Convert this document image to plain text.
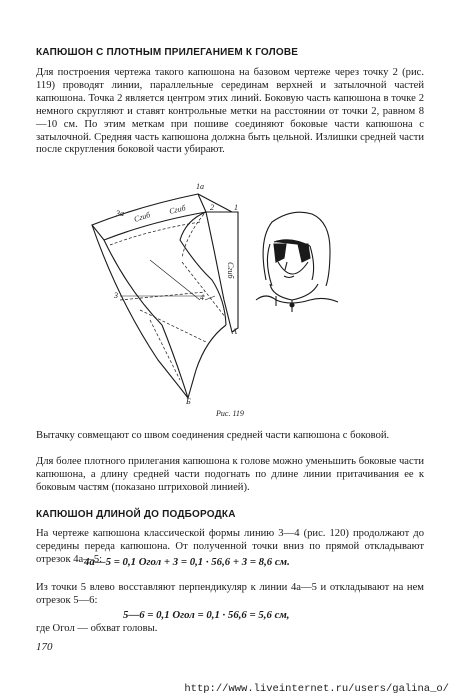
КАПЮШОН С ПЛОТНЫМ ПРИЛЕГАНИЕМ К ГОЛОВЕ
Для построения чертежа такого капюшона на базовом чертеже через точку 2 (рис. 119) проводят линии, параллельные серединам верхней и затылочной частей капюшона. Точка 2 является центром этих линий. Боковую часть капюшона в точке 2 немного скругляют и ставят контрольные метки на расстоянии от точки 2, равном 8—10 см. По этим меткам при пошиве соединяют боковые части капюшона с затылочной. Средняя часть капюшона должна быть цельной. Излишки средней части после скругления боковой части убирают.
1а
3а
2	1
3	4
А
Б
Сгиб
Сгиб
Сгиб
Рис. 119
Вытачку совмещают со швом соединения средней части капюшона с боковой.
Для более плотного прилегания капюшона к голове можно уменьшить боковые части капюшона, а длину средней части подогнать по длине линии притачивания ее к боковым частям (показано штриховой линией).
КАПЮШОН ДЛИНОЙ ДО ПОДБОРОДКА
На чертеже капюшона классической формы линию 3—4 (рис. 120) продолжают до середины переда капюшона. От полученной точки вниз по прямой откладывают отрезок 4а—5:
4а—5 = 0,1 Огол + 3 = 0,1 · 56,6 + 3 = 8,6 см.
Из точки 5 влево восставляют перпендикуляр к линии 4а—5 и откладывают на нем отрезок 5—6:
5—6 = 0,1 Огол = 0,1 · 56,6 = 5,6 см,
где Огол — обхват головы.
170
http://www.liveinternet.ru/users/galina_o/
